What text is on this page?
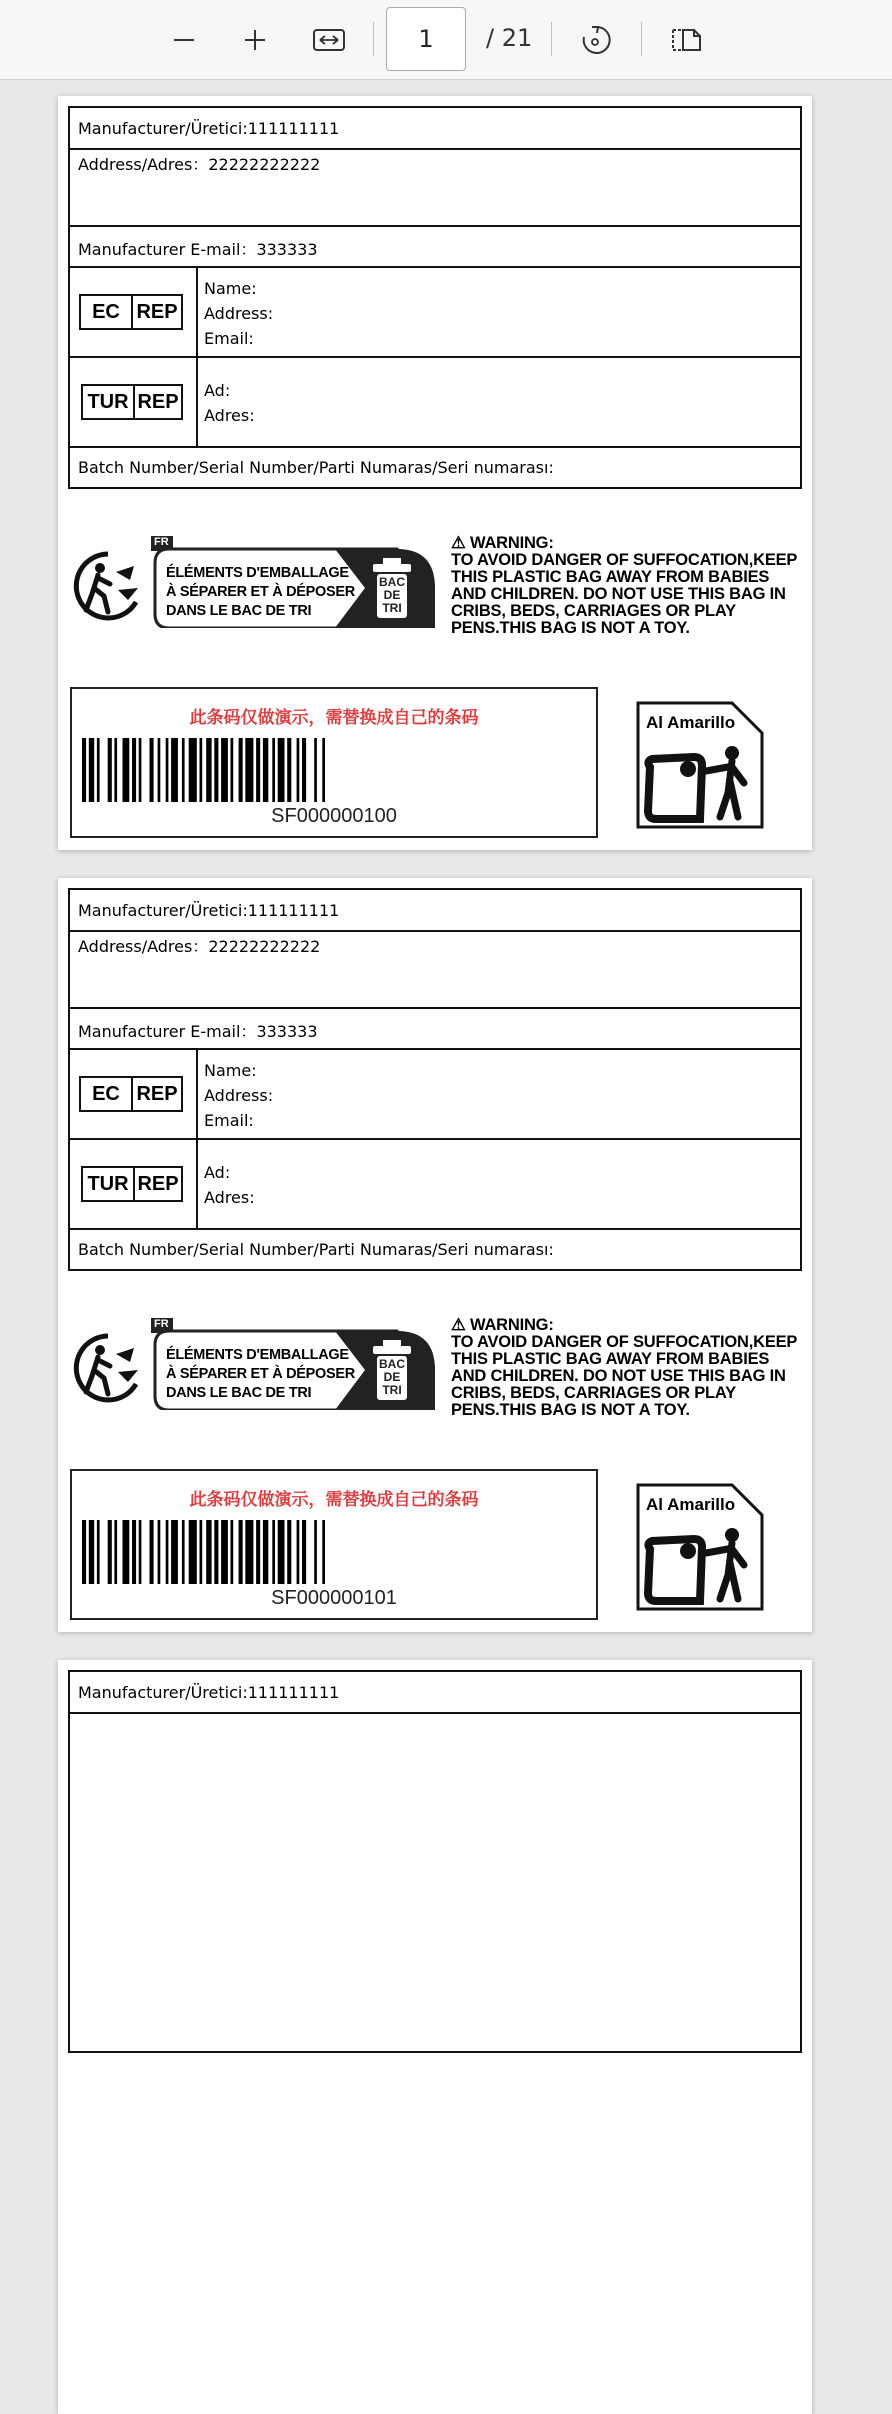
1
/ 21
Manufacturer/Üretici:111111111
Address/Adres：22222222222
Manufacturer E-mail：333333
EC REP
Name:
Address:
Email:
TUR REP Ad:
Adres:
Batch Number/Serial Number/Parti Numaras/Seri numarası:
FR
ÉLÉMENTS D'EMBALLAGE
À SÉPARER ET À DÉPOSER
DANS LE BAC DE TRI
BAC
DE
TRI
⚠ WARNING:
TO AVOID DANGER OF SUFFOCATION,KEEP
THIS PLASTIC BAG AWAY FROM BABIES
AND CHILDREN. DO NOT USE THIS BAG IN
CRIBS, BEDS, CARRIAGES OR PLAY
PENS.THIS BAG IS NOT A TOY.
此条码仅做演示，需替换成自己的条码
SF000000100
Al Amarillo
Manufacturer/Üretici:111111111
Address/Adres：22222222222
Manufacturer E-mail：333333
EC REP
Name:
Address:
Email:
TUR REP Ad:
Adres:
Batch Number/Serial Number/Parti Numaras/Seri numarası:
FR
ÉLÉMENTS D'EMBALLAGE
À SÉPARER ET À DÉPOSER
DANS LE BAC DE TRI
BAC
DE
TRI
⚠ WARNING:
TO AVOID DANGER OF SUFFOCATION,KEEP
THIS PLASTIC BAG AWAY FROM BABIES
AND CHILDREN. DO NOT USE THIS BAG IN
CRIBS, BEDS, CARRIAGES OR PLAY
PENS.THIS BAG IS NOT A TOY.
此条码仅做演示，需替换成自己的条码
SF000000101
Al Amarillo
Manufacturer/Üretici:111111111
